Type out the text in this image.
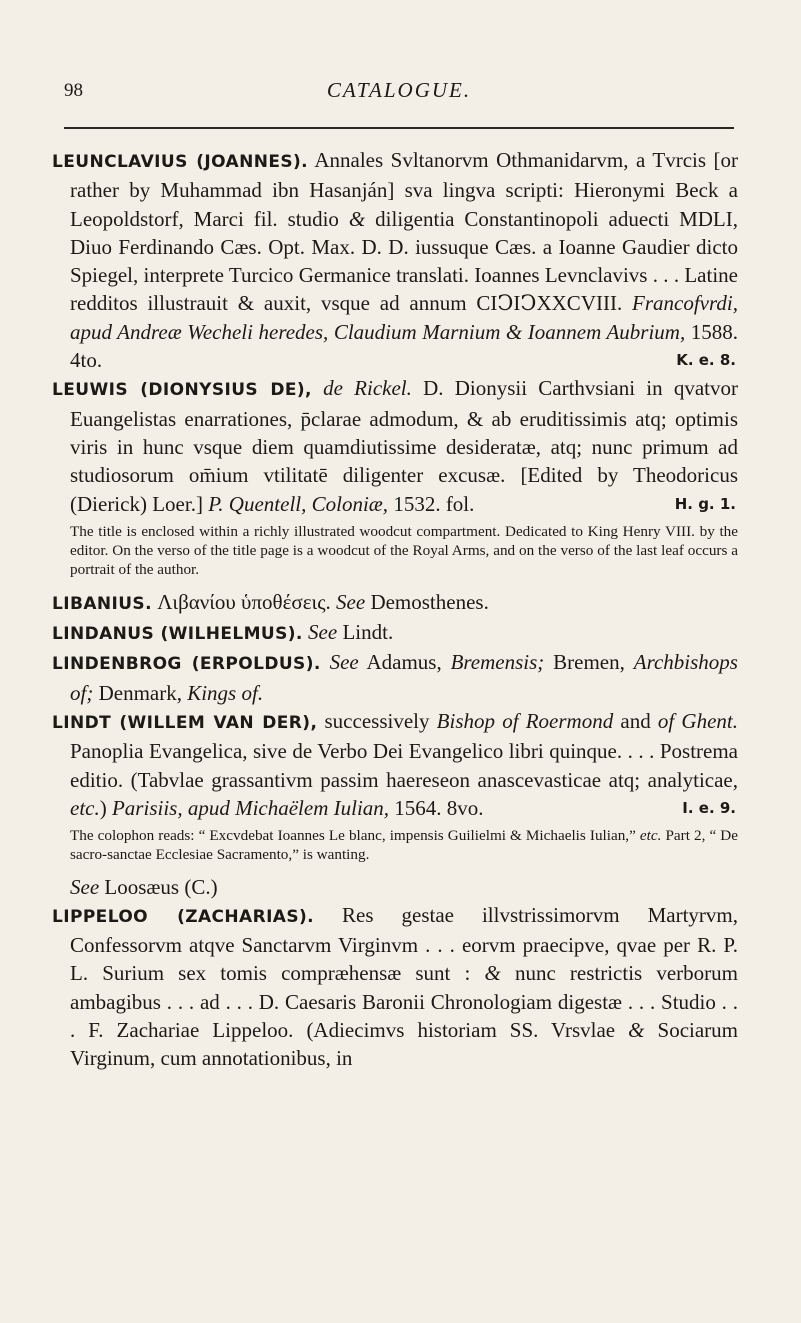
98	CATALOGUE.

LEUNCLAVIUS (JOANNES). Annales Svltanorvm Othmanidarvm, a Tvrcis [or rather by Muhammad ibn Hasanján] sva lingva scripti: Hieronymi Beck a Leopoldstorf, Marci fil. studio & diligentia Constantinopoli aduecti MDLI, Diuo Ferdinando Cæs. Opt. Max. D. D. iussuque Cæs. a Ioanne Gaudier dicto Spiegel, interprete Turcico Germanice translati. Ioannes Levnclavivs . . . Latine redditos illustrauit & auxit, vsque ad annum CIↃIↃXXCVIII. Francofvrdi, apud Andreæ Wecheli heredes, Claudium Marnium & Ioannem Aubrium, 1588. 4to.	K. e. 8.

LEUWIS (DIONYSIUS DE), de Rickel. D. Dionysii Carthvsiani in qvatvor Euangelistas enarrationes, p̄clarae admodum, & ab eruditissimis atq; optimis viris in hunc vsque diem quamdiutissime desideratæ, atq; nunc primum ad studiosorum om̄ium vtilitatē diligenter excusæ. [Edited by Theodoricus (Dierick) Loer.] P. Quentell, Coloniæ, 1532. fol.	H. g. 1.

The title is enclosed within a richly illustrated woodcut compartment. Dedicated to King Henry VIII. by the editor. On the verso of the title page is a woodcut of the Royal Arms, and on the verso of the last leaf occurs a portrait of the author.

LIBANIUS. Λιβανίου ὑποθέσεις. See Demosthenes.

LINDANUS (WILHELMUS). See Lindt.

LINDENBROG (ERPOLDUS). See Adamus, Bremensis; Bremen, Archbishops of; Denmark, Kings of.

LINDT (WILLEM VAN DER), successively Bishop of Roermond and of Ghent. Panoplia Evangelica, sive de Verbo Dei Evangelico libri quinque. . . . Postrema editio. (Tabvlae grassantivm passim haereseon anascevasticae atq; analyticae, etc.) Parisiis, apud Michaëlem Iulian, 1564. 8vo.	I. e. 9.

The colophon reads: “ Excvdebat Ioannes Le blanc, impensis Guilielmi & Michaelis Iulian,” etc. Part 2, “ De sacro-sanctae Ecclesiae Sacramento,” is wanting.

See Loosæus (C.)

LIPPELOO (ZACHARIAS). Res gestae illvstrissimorvm Martyrvm, Confessorvm atqve Sanctarvm Virginvm . . . eorvm praecipve, qvae per R. P. L. Surium sex tomis compræhensæ sunt : & nunc restrictis verborum ambagibus . . . ad . . . D. Caesaris Baronii Chronologiam digestæ . . . Studio . . . F. Zachariae Lippeloo. (Adiecimvs historiam SS. Vrsvlae & Sociarum Virginum, cum annotationibus, in
